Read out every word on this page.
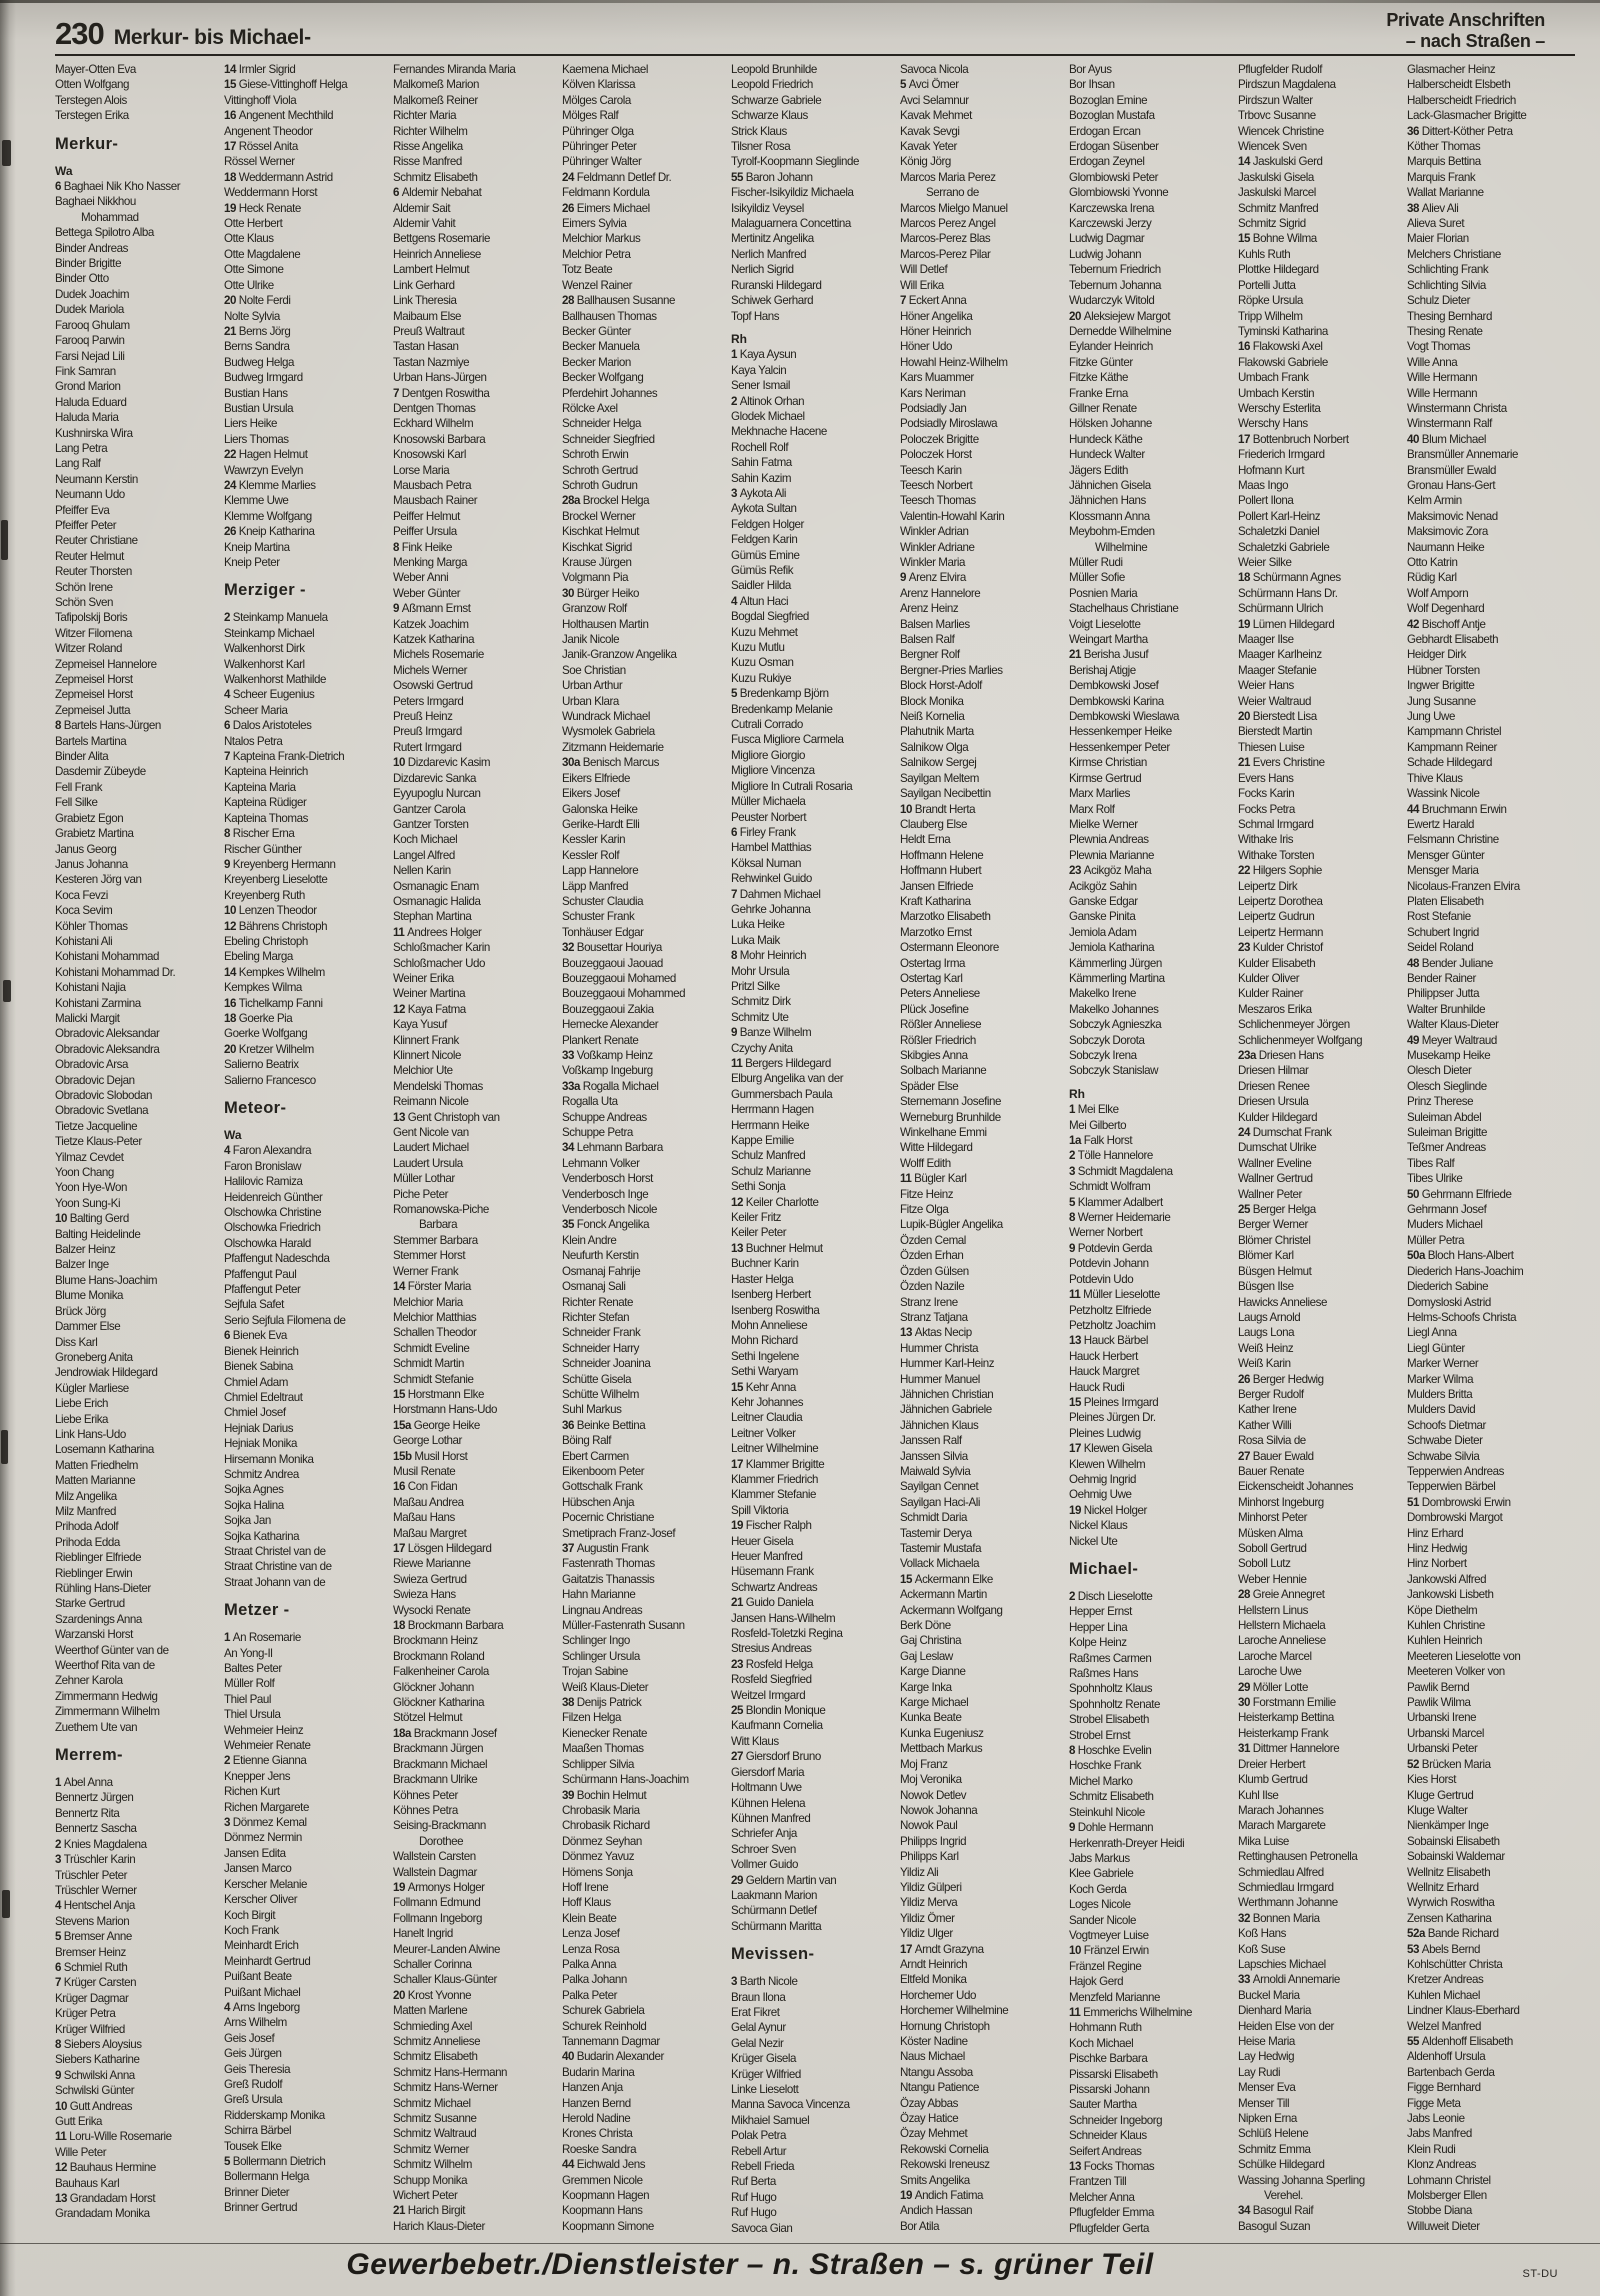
230 Merkur- bis Michael-
Private Anschriften
– nach Straßen –
Mayer-Otten Eva
Otten Wolfgang
Terstegen Alois
Terstegen Erika
Merkur-
Wa
6 Baghaei Nik Kho Nasser
Baghaei Nikkhou
Mohammad
Bettega Spilotro Alba
Binder Andreas
Binder Brigitte
Binder Otto
Dudek Joachim
Dudek Mariola
Farooq Ghulam
Farooq Parwin
Farsi Nejad Lili
Fink Samran
Grond Marion
Haluda Eduard
Haluda Maria
Kushnirska Wira
Lang Petra
Lang Ralf
Neumann Kerstin
Neumann Udo
Pfeiffer Eva
Pfeiffer Peter
Reuter Christiane
Reuter Helmut
Reuter Thorsten
Schön Irene
Schön Sven
Tafipolskij Boris
Witzer Filomena
Witzer Roland
Zepmeisel Hannelore
Zepmeisel Horst
Zepmeisel Horst
Zepmeisel Jutta
8 Bartels Hans-Jürgen
Bartels Martina
Binder Alita
Dasdemir Zübeyde
Fell Frank
Fell Silke
Grabietz Egon
Grabietz Martina
Janus Georg
Janus Johanna
Kesteren Jörg van
Koca Fevzi
Koca Sevim
Köhler Thomas
Kohistani Ali
Kohistani Mohammad
Kohistani Mohammad Dr.
Kohistani Najia
Kohistani Zarmina
Malicki Margit
Obradovic Aleksandar
Obradovic Aleksandra
Obradovic Arsa
Obradovic Dejan
Obradovic Slobodan
Obradovic Svetlana
Tietze Jacqueline
Tietze Klaus-Peter
Yilmaz Cevdet
Yoon Chang
Yoon Hye-Won
Yoon Sung-Ki
10 Balting Gerd
Balting Heidelinde
Balzer Heinz
Balzer Inge
Blume Hans-Joachim
Blume Monika
Brück Jörg
Dammer Else
Diss Karl
Groneberg Anita
Jendrowiak Hildegard
Kügler Marliese
Liebe Erich
Liebe Erika
Link Hans-Udo
Losemann Katharina
Matten Friedhelm
Matten Marianne
Milz Angelika
Milz Manfred
Prihoda Adolf
Prihoda Edda
Rieblinger Elfriede
Rieblinger Erwin
Rühling Hans-Dieter
Starke Gertrud
Szardenings Anna
Warzanski Horst
Weerthof Günter van de
Weerthof Rita van de
Zehner Karola
Zimmermann Hedwig
Zimmermann Wilhelm
Zuethem Ute van
Merrem-
1 Abel Anna
Bennertz Jürgen
Bennertz Rita
Bennertz Sascha
2 Knies Magdalena
3 Trüschler Karin
Trüschler Peter
Trüschler Werner
4 Hentschel Anja
Stevens Marion
5 Bremser Anne
Bremser Heinz
6 Schmiel Ruth
7 Krüger Carsten
Krüger Dagmar
Krüger Petra
Krüger Wilfried
8 Siebers Aloysius
Siebers Katharine
9 Schwilski Anna
Schwilski Günter
10 Gutt Andreas
Gutt Erika
11 Loru-Wille Rosemarie
Wille Peter
12 Bauhaus Hermine
Bauhaus Karl
13 Grandadam Horst
Grandadam Monika
14 Irmler Sigrid
15 Giese-Vittinghoff Helga
Vittinghoff Viola
16 Angenent Mechthild
Angenent Theodor
17 Rössel Anita
Rössel Werner
18 Weddermann Astrid
Weddermann Horst
19 Heck Renate
Otte Herbert
Otte Klaus
Otte Magdalene
Otte Simone
Otte Ulrike
20 Nolte Ferdi
Nolte Sylvia
21 Berns Jörg
Berns Sandra
Budweg Helga
Budweg Irmgard
Bustian Hans
Bustian Ursula
Liers Heike
Liers Thomas
22 Hagen Helmut
Wawrzyn Evelyn
24 Klemme Marlies
Klemme Uwe
Klemme Wolfgang
26 Kneip Katharina
Kneip Martina
Kneip Peter
Merziger -
2 Steinkamp Manuela
Steinkamp Michael
Walkenhorst Dirk
Walkenhorst Karl
Walkenhorst Mathilde
4 Scheer Eugenius
Scheer Maria
6 Dalos Aristoteles
Ntalos Petra
7 Kapteina Frank-Dietrich
Kapteina Heinrich
Kapteina Maria
Kapteina Rüdiger
Kapteina Thomas
8 Rischer Erna
Rischer Günther
9 Kreyenberg Hermann
Kreyenberg Lieselotte
Kreyenberg Ruth
10 Lenzen Theodor
12 Bährens Christoph
Ebeling Christoph
Ebeling Marga
14 Kempkes Wilhelm
Kempkes Wilma
16 Tichelkamp Fanni
18 Goerke Pia
Goerke Wolfgang
20 Kretzer Wilhelm
Salierno Beatrix
Salierno Francesco
Meteor-
Wa
4 Faron Alexandra
Faron Bronislaw
Halilovic Ramiza
Heidenreich Günther
Olschowka Christine
Olschowka Friedrich
Olschowka Harald
Pfaffengut Nadeschda
Pfaffengut Paul
Pfaffengut Peter
Sejfula Safet
Serio Sejfula Filomena de
6 Bienek Eva
Bienek Heinrich
Bienek Sabina
Chmiel Adam
Chmiel Edeltraut
Chmiel Josef
Hejniak Darius
Hejniak Monika
Hirsemann Monika
Schmitz Andrea
Sojka Agnes
Sojka Halina
Sojka Jan
Sojka Katharina
Straat Christel van de
Straat Christine van de
Straat Johann van de
Metzer -
1 An Rosemarie
An Yong-Il
Baltes Peter
Müller Rolf
Thiel Paul
Thiel Ursula
Wehmeier Heinz
Wehmeier Renate
2 Etienne Gianna
Knepper Jens
Richen Kurt
Richen Margarete
3 Dönmez Kemal
Dönmez Nermin
Jansen Edita
Jansen Marco
Kerscher Melanie
Kerscher Oliver
Koch Birgit
Koch Frank
Meinhardt Erich
Meinhardt Gertrud
Puißant Beate
Puißant Michael
4 Arns Ingeborg
Arns Wilhelm
Geis Josef
Geis Jürgen
Geis Theresia
Greß Rudolf
Greß Ursula
Ridderskamp Monika
Schirra Bärbel
Tousek Elke
5 Bollermann Dietrich
Bollermann Helga
Brinner Dieter
Brinner Gertrud
Fernandes Miranda Maria
Malkomeß Marion
Malkomeß Reiner
Richter Maria
Richter Wilhelm
Risse Angelika
Risse Manfred
Schmitz Elisabeth
6 Aldemir Nebahat
Aldemir Sait
Aldemir Vahit
Bettgens Rosemarie
Heinrich Anneliese
Lambert Helmut
Link Gerhard
Link Theresia
Maibaum Else
Preuß Waltraut
Tastan Hasan
Tastan Nazmiye
Urban Hans-Jürgen
7 Dentgen Roswitha
Dentgen Thomas
Eckhard Wilhelm
Knosowski Barbara
Knosowski Karl
Lorse Maria
Mausbach Petra
Mausbach Rainer
Peiffer Helmut
Peiffer Ursula
8 Fink Heike
Menking Marga
Weber Anni
Weber Günter
9 Aßmann Ernst
Katzek Joachim
Katzek Katharina
Michels Rosemarie
Michels Werner
Osowski Gertrud
Peters Irmgard
Preuß Heinz
Preuß Irmgard
Rutert Irmgard
10 Dizdarevic Kasim
Dizdarevic Sanka
Eyyupoglu Nurcan
Gantzer Carola
Gantzer Torsten
Koch Michael
Langel Alfred
Nellen Karin
Osmanagic Enam
Osmanagic Halida
Stephan Martina
11 Andrees Holger
Schloßmacher Karin
Schloßmacher Udo
Weiner Erika
Weiner Martina
12 Kaya Fatma
Kaya Yusuf
Klinnert Frank
Klinnert Nicole
Melchior Ute
Mendelski Thomas
Reimann Nicole
13 Gent Christoph van
Gent Nicole van
Laudert Michael
Laudert Ursula
Müller Lothar
Piche Peter
Romanowska-Piche
Barbara
Stemmer Barbara
Stemmer Horst
Werner Frank
14 Förster Maria
Melchior Maria
Melchior Matthias
Schallen Theodor
Schmidt Eveline
Schmidt Martin
Schmidt Stefanie
15 Horstmann Elke
Horstmann Hans-Udo
15a George Heike
George Lothar
15b Musil Horst
Musil Renate
16 Con Fidan
Maßau Andrea
Maßau Hans
Maßau Margret
17 Lösgen Hildegard
Riewe Marianne
Swieza Gertrud
Swieza Hans
Wysocki Renate
18 Brockmann Barbara
Brockmann Heinz
Brockmann Roland
Falkenheiner Carola
Glöckner Johann
Glöckner Katharina
Stötzel Helmut
18a Brackmann Josef
Brackmann Jürgen
Brackmann Michael
Brackmann Ulrike
Köhnes Peter
Köhnes Petra
Seising-Brackmann
Dorothee
Wallstein Carsten
Wallstein Dagmar
19 Armonys Holger
Follmann Edmund
Follmann Ingeborg
Hanelt Ingrid
Meurer-Landen Alwine
Schaller Corinna
Schaller Klaus-Günter
20 Krost Yvonne
Matten Marlene
Schmieding Axel
Schmitz Anneliese
Schmitz Elisabeth
Schmitz Hans-Hermann
Schmitz Hans-Werner
Schmitz Michael
Schmitz Susanne
Schmitz Waltraud
Schmitz Werner
Schmitz Wilhelm
Schupp Monika
Wichert Peter
21 Harich Birgit
Harich Klaus-Dieter
Kaemena Michael
Kölven Klarissa
Mölges Carola
Mölges Ralf
Pühringer Olga
Pühringer Peter
Pühringer Walter
24 Feldmann Detlef Dr.
Feldmann Kordula
26 Eimers Michael
Eimers Sylvia
Melchior Markus
Melchior Petra
Totz Beate
Wenzel Rainer
28 Ballhausen Susanne
Ballhausen Thomas
Becker Günter
Becker Manuela
Becker Marion
Becker Wolfgang
Pferdehirt Johannes
Rölcke Axel
Schneider Helga
Schneider Siegfried
Schroth Erwin
Schroth Gertrud
Schroth Gudrun
28a Brockel Helga
Brockel Werner
Kischkat Helmut
Kischkat Sigrid
Krause Jürgen
Volgmann Pia
30 Bürger Heiko
Granzow Rolf
Holthausen Martin
Janik Nicole
Janik-Granzow Angelika
Soe Christian
Urban Arthur
Urban Klara
Wundrack Michael
Wysmolek Gabriela
Zitzmann Heidemarie
30a Benisch Marcus
Eikers Elfriede
Eikers Josef
Galonska Heike
Gerike-Hardt Elli
Kessler Karin
Kessler Rolf
Lapp Hannelore
Läpp Manfred
Schuster Claudia
Schuster Frank
Tonhäuser Edgar
32 Bousettar Houriya
Bouzeggaoui Jaouad
Bouzeggaoui Mohamed
Bouzeggaoui Mohammed
Bouzeggaoui Zakia
Hemecke Alexander
Plankert Renate
33 Voßkamp Heinz
Voßkamp Ingeburg
33a Rogalla Michael
Rogalla Uta
Schuppe Andreas
Schuppe Petra
34 Lehmann Barbara
Lehmann Volker
Venderbosch Horst
Venderbosch Inge
Venderbosch Nicole
35 Fonck Angelika
Klein Andre
Neufurth Kerstin
Osmanaj Fahrije
Osmanaj Sali
Richter Renate
Richter Stefan
Schneider Frank
Schneider Harry
Schneider Joanina
Schütte Gisela
Schütte Wilhelm
Suhl Markus
36 Beinke Bettina
Böing Ralf
Ebert Carmen
Eikenboom Peter
Gottschalk Frank
Hübschen Anja
Pocernic Christiane
Smetiprach Franz-Josef
37 Augustin Frank
Fastenrath Thomas
Gaitatzis Thanassis
Hahn Marianne
Lingnau Andreas
Müller-Fastenrath Susann
Schlinger Ingo
Schlinger Ursula
Trojan Sabine
Weiß Klaus-Dieter
38 Denijs Patrick
Filzen Helga
Kienecker Renate
Maaßen Thomas
Schlipper Silvia
Schürmann Hans-Joachim
39 Bochin Helmut
Chrobasik Maria
Chrobasik Richard
Dönmez Seyhan
Dönmez Yavuz
Hömens Sonja
Hoff Irene
Hoff Klaus
Klein Beate
Lenza Josef
Lenza Rosa
Palka Anna
Palka Johann
Palka Peter
Schurek Gabriela
Schurek Reinhold
Tannemann Dagmar
40 Budarin Alexander
Budarin Marina
Hanzen Anja
Hanzen Bernd
Herold Nadine
Krones Christa
Roeske Sandra
44 Eichwald Jens
Gremmen Nicole
Koopmann Hagen
Koopmann Hans
Koopmann Simone
Leopold Brunhilde
Leopold Friedrich
Schwarze Gabriele
Schwarze Klaus
Strick Klaus
Tilsner Rosa
Tyrolf-Koopmann Sieglinde
55 Baron Johann
Fischer-Isikyildiz Michaela
Isikyildiz Veysel
Malaguarnera Concettina
Mertinitz Angelika
Nerlich Manfred
Nerlich Sigrid
Ruranski Hildegard
Schiwek Gerhard
Topf Hans
Rh
1 Kaya Aysun
Kaya Yalcin
Sener Ismail
2 Altinok Orhan
Glodek Michael
Mekhnache Hacene
Rochell Rolf
Sahin Fatma
Sahin Kazim
3 Aykota Ali
Aykota Sultan
Feldgen Holger
Feldgen Karin
Gümüs Emine
Gümüs Refik
Saidler Hilda
4 Altun Haci
Bogdal Siegfried
Kuzu Mehmet
Kuzu Mutlu
Kuzu Osman
Kuzu Rukiye
5 Bredenkamp Björn
Bredenkamp Melanie
Cutrali Corrado
Fusca Migliore Carmela
Migliore Giorgio
Migliore Vincenza
Migliore In Cutrali Rosaria
Müller Michaela
Peuster Norbert
6 Firley Frank
Hambel Matthias
Köksal Numan
Rehwinkel Guido
7 Dahmen Michael
Gehrke Johanna
Luka Heike
Luka Maik
8 Mohr Heinrich
Mohr Ursula
Pritzl Silke
Schmitz Dirk
Schmitz Ute
9 Banze Wilhelm
Czychy Anita
11 Bergers Hildegard
Elburg Angelika van der
Gummersbach Paula
Herrmann Hagen
Herrmann Heike
Kappe Emilie
Schulz Manfred
Schulz Marianne
Sethi Sonja
12 Keiler Charlotte
Keiler Fritz
Keiler Peter
13 Buchner Helmut
Buchner Karin
Haster Helga
Isenberg Herbert
Isenberg Roswitha
Mohn Anneliese
Mohn Richard
Sethi Ingelene
Sethi Waryam
15 Kehr Anna
Kehr Johannes
Leitner Claudia
Leitner Volker
Leitner Wilhelmine
17 Klammer Brigitte
Klammer Friedrich
Klammer Stefanie
Spill Viktoria
19 Fischer Ralph
Heuer Gisela
Heuer Manfred
Hüsemann Frank
Schwartz Andreas
21 Guido Daniela
Jansen Hans-Wilhelm
Rosfeld-Toletzki Regina
Stresius Andreas
23 Rosfeld Helga
Rosfeld Siegfried
Weitzel Irmgard
25 Blondin Monique
Kaufmann Cornelia
Witt Klaus
27 Giersdorf Bruno
Giersdorf Maria
Holtmann Uwe
Kühnen Helena
Kühnen Manfred
Schriefer Anja
Schroer Sven
Vollmer Guido
29 Geldern Martin van
Laakmann Marion
Schürmann Detlef
Schürmann Maritta
Mevissen-
3 Barth Nicole
Braun Ilona
Erat Fikret
Gelal Aynur
Gelal Nezir
Krüger Gisela
Krüger Wilfried
Linke Lieselott
Manna Savoca Vincenza
Mikhaiel Samuel
Polak Petra
Rebell Artur
Rebell Frieda
Ruf Berta
Ruf Hugo
Ruf Hugo
Savoca Gian
Savoca Nicola
5 Avci Ömer
Avci Selamnur
Kavak Mehmet
Kavak Sevgi
Kavak Yeter
König Jörg
Marcos Maria Perez
Serrano de
Marcos Mielgo Manuel
Marcos Perez Angel
Marcos-Perez Blas
Marcos-Perez Pilar
Will Detlef
Will Erika
7 Eckert Anna
Höner Angelika
Höner Heinrich
Höner Udo
Howahl Heinz-Wilhelm
Kars Muammer
Kars Neriman
Podsiadly Jan
Podsiadly Miroslawa
Poloczek Brigitte
Poloczek Horst
Teesch Karin
Teesch Norbert
Teesch Thomas
Valentin-Howahl Karin
Winkler Adrian
Winkler Adriane
Winkler Maria
9 Arenz Elvira
Arenz Hannelore
Arenz Heinz
Balsen Marlies
Balsen Ralf
Bergner Rolf
Bergner-Pries Marlies
Block Horst-Adolf
Block Monika
Neiß Kornelia
Plahutnik Marta
Salnikow Olga
Salnikow Sergej
Sayilgan Meltem
Sayilgan Necibettin
10 Brandt Herta
Clauberg Else
Heldt Erna
Hoffmann Helene
Hoffmann Hubert
Jansen Elfriede
Kraft Katharina
Marzotko Elisabeth
Marzotko Ernst
Ostermann Eleonore
Ostertag Irma
Ostertag Karl
Peters Anneliese
Plück Josefine
Rößler Anneliese
Rößler Friedrich
Skibgies Anna
Solbach Marianne
Späder Else
Sternemann Josefine
Werneburg Brunhilde
Winkelhane Emmi
Witte Hildegard
Wolff Edith
11 Bügler Karl
Fitze Heinz
Fitze Olga
Lupik-Bügler Angelika
Özden Cemal
Özden Erhan
Özden Gülsen
Özden Nazile
Stranz Irene
Stranz Tatjana
13 Aktas Necip
Hummer Christa
Hummer Karl-Heinz
Hummer Manuel
Jähnichen Christian
Jähnichen Gabriele
Jähnichen Klaus
Janssen Ralf
Janssen Silvia
Maiwald Sylvia
Sayilgan Cennet
Sayilgan Haci-Ali
Schmidt Daria
Tastemir Derya
Tastemir Mustafa
Vollack Michaela
15 Ackermann Elke
Ackermann Martin
Ackermann Wolfgang
Berk Döne
Gaj Christina
Gaj Leslaw
Karge Dianne
Karge Inka
Karge Michael
Kunka Beate
Kunka Eugeniusz
Mettbach Markus
Moj Franz
Moj Veronika
Nowok Detlev
Nowok Johanna
Nowok Paul
Philipps Ingrid
Philipps Karl
Yildiz Ali
Yildiz Gülperi
Yildiz Merva
Yildiz Ömer
Yildiz Ulger
17 Arndt Grazyna
Arndt Heinrich
Eltfeld Monika
Horchemer Udo
Horchemer Wilhelmine
Hornung Christoph
Köster Nadine
Naus Michael
Ntangu Assoba
Ntangu Patience
Özay Abbas
Özay Hatice
Özay Mehmet
Rekowski Cornelia
Rekowski Ireneusz
Smits Angelika
19 Andich Fatima
Andich Hassan
Bor Atila
Bor Ayus
Bor Ihsan
Bozoglan Emine
Bozoglan Mustafa
Erdogan Ercan
Erdogan Süsenber
Erdogan Zeynel
Glombiowski Peter
Glombiowski Yvonne
Karczewska Irena
Karczewski Jerzy
Ludwig Dagmar
Ludwig Johann
Tebernum Friedrich
Tebernum Johanna
Wudarczyk Witold
20 Aleksiejew Margot
Dernedde Wilhelmine
Eylander Heinrich
Fitzke Günter
Fitzke Käthe
Franke Erna
Gillner Renate
Hölsken Johanne
Hundeck Käthe
Hundeck Walter
Jägers Edith
Jähnichen Gisela
Jähnichen Hans
Klossmann Anna
Meybohm-Emden
Wilhelmine
Müller Rudi
Müller Sofie
Posnien Maria
Stachelhaus Christiane
Voigt Lieselotte
Weingart Martha
21 Berisha Jusuf
Berishaj Atigje
Dembkowski Josef
Dembkowski Karina
Dembkowski Wieslawa
Hessenkemper Heike
Hessenkemper Peter
Kirmse Christian
Kirmse Gertrud
Marx Marlies
Marx Rolf
Mielke Werner
Plewnia Andreas
Plewnia Marianne
23 Acikgöz Maha
Acikgöz Sahin
Ganske Edgar
Ganske Pinita
Jemiola Adam
Jemiola Katharina
Kämmerling Jürgen
Kämmerling Martina
Makelko Irene
Makelko Johannes
Sobczyk Agnieszka
Sobczyk Dorota
Sobczyk Irena
Sobczyk Stanislaw
Rh
1 Mei Elke
Mei Gilberto
1a Falk Horst
2 Tölle Hannelore
3 Schmidt Magdalena
Schmidt Wolfram
5 Klammer Adalbert
8 Werner Heidemarie
Werner Norbert
9 Potdevin Gerda
Potdevin Johann
Potdevin Udo
11 Müller Lieselotte
Petzholtz Elfriede
Petzholtz Joachim
13 Hauck Bärbel
Hauck Herbert
Hauck Margret
Hauck Rudi
15 Pleines Irmgard
Pleines Jürgen Dr.
Pleines Ludwig
17 Klewen Gisela
Klewen Wilhelm
Oehmig Ingrid
Oehmig Uwe
19 Nickel Holger
Nickel Klaus
Nickel Ute
Michael-
2 Disch Lieselotte
Hepper Ernst
Hepper Lina
Kolpe Heinz
Raßmes Carmen
Raßmes Hans
Spohnholtz Klaus
Spohnholtz Renate
Strobel Elisabeth
Strobel Ernst
8 Hoschke Evelin
Hoschke Frank
Michel Marko
Schmitz Elisabeth
Steinkuhl Nicole
9 Dohle Hermann
Herkenrath-Dreyer Heidi
Jabs Markus
Klee Gabriele
Koch Gerda
Loges Nicole
Sander Nicole
Vogtmeyer Luise
10 Fränzel Erwin
Fränzel Regine
Hajok Gerd
Menzfeld Marianne
11 Emmerichs Wilhelmine
Hohmann Ruth
Koch Michael
Pischke Barbara
Pissarski Elisabeth
Pissarski Johann
Sauter Martha
Schneider Ingeborg
Schneider Klaus
Seifert Andreas
13 Focks Thomas
Frantzen Till
Melcher Anna
Pflugfelder Emma
Pflugfelder Gerta
Pflugfelder Rudolf
Pirdszun Magdalena
Pirdszun Walter
Trbovc Susanne
Wiencek Christine
Wiencek Sven
14 Jaskulski Gerd
Jaskulski Gisela
Jaskulski Marcel
Schmitz Manfred
Schmitz Sigrid
15 Bohne Wilma
Kuhls Ruth
Plottke Hildegard
Portelli Jutta
Röpke Ursula
Tripp Wilhelm
Tyminski Katharina
16 Flakowski Axel
Flakowski Gabriele
Umbach Frank
Umbach Kerstin
Werschy Esterlita
Werschy Hans
17 Bottenbruch Norbert
Friederich Irmgard
Hofmann Kurt
Maas Ingo
Pollert Ilona
Pollert Karl-Heinz
Schaletzki Daniel
Schaletzki Gabriele
Weier Silke
18 Schürmann Agnes
Schürmann Hans Dr.
Schürmann Ulrich
19 Lümen Hildegard
Maager Ilse
Maager Karlheinz
Maager Stefanie
Weier Hans
Weier Waltraud
20 Bierstedt Lisa
Bierstedt Martin
Thiesen Luise
21 Evers Christine
Evers Hans
Focks Karin
Focks Petra
Schmal Irmgard
Withake Iris
Withake Torsten
22 Hilgers Sophie
Leipertz Dirk
Leipertz Dorothea
Leipertz Gudrun
Leipertz Hermann
23 Kulder Christof
Kulder Elisabeth
Kulder Oliver
Kulder Rainer
Meszaros Erika
Schlichenmeyer Jörgen
Schlichenmeyer Wolfgang
23a Driesen Hans
Driesen Hilmar
Driesen Renee
Driesen Ursula
Kulder Hildegard
24 Dumschat Frank
Dumschat Ulrike
Wallner Eveline
Wallner Gertrud
Wallner Peter
25 Berger Helga
Berger Werner
Blömer Christel
Blömer Karl
Büsgen Helmut
Büsgen Ilse
Hawicks Anneliese
Laugs Arnold
Laugs Lona
Weiß Heinz
Weiß Karin
26 Berger Hedwig
Berger Rudolf
Kather Irene
Kather Willi
Rosa Silvia de
27 Bauer Ewald
Bauer Renate
Eickenscheidt Johannes
Minhorst Ingeburg
Minhorst Peter
Müsken Alma
Soboll Gertrud
Soboll Lutz
Weber Hennie
28 Greie Annegret
Hellstern Linus
Hellstern Michaela
Laroche Anneliese
Laroche Marcel
Laroche Uwe
29 Möller Lotte
30 Forstmann Emilie
Heisterkamp Bettina
Heisterkamp Frank
31 Dittmer Hannelore
Dreier Herbert
Klumb Gertrud
Kuhl Ilse
Marach Johannes
Marach Margarete
Mika Luise
Rettinghausen Petronella
Schmiedlau Alfred
Schmiedlau Irmgard
Werthmann Johanne
32 Bonnen Maria
Koß Hans
Koß Suse
Lapschies Michael
33 Arnoldi Annemarie
Buckel Maria
Dienhard Maria
Heiden Else von der
Heise Maria
Lay Hedwig
Lay Rudi
Menser Eva
Menser Till
Nipken Erna
Schlüß Helene
Schmitz Emma
Schülke Hildegard
Wassing Johanna Sperling
Verehel.
34 Basogul Raif
Basogul Suzan
Glasmacher Heinz
Halberscheidt Elsbeth
Halberscheidt Friedrich
Lack-Glasmacher Brigitte
36 Dittert-Köther Petra
Köther Thomas
Marquis Bettina
Marquis Frank
Wallat Marianne
38 Aliev Ali
Alieva Suret
Maier Florian
Melchers Christiane
Schlichting Frank
Schlichting Silvia
Schulz Dieter
Thesing Bernhard
Thesing Renate
Vogt Thomas
Wille Anna
Wille Hermann
Wille Hermann
Winstermann Christa
Winstermann Ralf
40 Blum Michael
Bransmüller Annemarie
Bransmüller Ewald
Gronau Hans-Gert
Kelm Armin
Maksimovic Nenad
Maksimovic Zora
Naumann Heike
Otto Katrin
Rüdig Karl
Wolf Amporn
Wolf Degenhard
42 Bischoff Antje
Gebhardt Elisabeth
Heidger Dirk
Hübner Torsten
Ingwer Brigitte
Jung Susanne
Jung Uwe
Kampmann Christel
Kampmann Reiner
Schade Hildegard
Thive Klaus
Wassink Nicole
44 Bruchmann Erwin
Ewertz Harald
Felsmann Christine
Mensger Günter
Mensger Maria
Nicolaus-Franzen Elvira
Platen Elisabeth
Rost Stefanie
Schubert Ingrid
Seidel Roland
48 Bender Juliane
Bender Rainer
Philippser Jutta
Walter Brunhilde
Walter Klaus-Dieter
49 Meyer Waltraud
Musekamp Heike
Olesch Dieter
Olesch Sieglinde
Prinz Therese
Suleiman Abdel
Suleiman Brigitte
Teßmer Andreas
Tibes Ralf
Tibes Ulrike
50 Gehrmann Elfriede
Gehrmann Josef
Muders Michael
Müller Petra
50a Bloch Hans-Albert
Diederich Hans-Joachim
Diederich Sabine
Domysloski Astrid
Helms-Schoofs Christa
Liegl Anna
Liegl Günter
Marker Werner
Marker Wilma
Mulders Britta
Mulders David
Schoofs Dietmar
Schwabe Dieter
Schwabe Silvia
Tepperwien Andreas
Tepperwien Bärbel
51 Dombrowski Erwin
Dombrowski Margot
Hinz Erhard
Hinz Hedwig
Hinz Norbert
Jankowski Alfred
Jankowski Lisbeth
Köpe Diethelm
Kuhlen Christine
Kuhlen Heinrich
Meeteren Lieselotte von
Meeteren Volker von
Pawlik Bernd
Pawlik Wilma
Urbanski Irene
Urbanski Marcel
Urbanski Peter
52 Brücken Maria
Kies Horst
Kluge Gertrud
Kluge Walter
Nienkämper Inge
Sobainski Elisabeth
Sobainski Waldemar
Wellnitz Elisabeth
Wellnitz Erhard
Wyrwich Roswitha
Zensen Katharina
52a Bande Richard
53 Abels Bernd
Kohlschütter Christa
Kretzer Andreas
Kuhlen Michael
Lindner Klaus-Eberhard
Welzel Manfred
55 Aldenhoff Elisabeth
Aldenhoff Ursula
Bartenbach Gerda
Figge Bernhard
Figge Meta
Jabs Leonie
Jabs Manfred
Klein Rudi
Klonz Andreas
Lohmann Christel
Molsberger Ellen
Stobbe Diana
Willuweit Dieter
Gewerbebetr./Dienstleister – n. Straßen – s. grüner Teil	ST-DU
